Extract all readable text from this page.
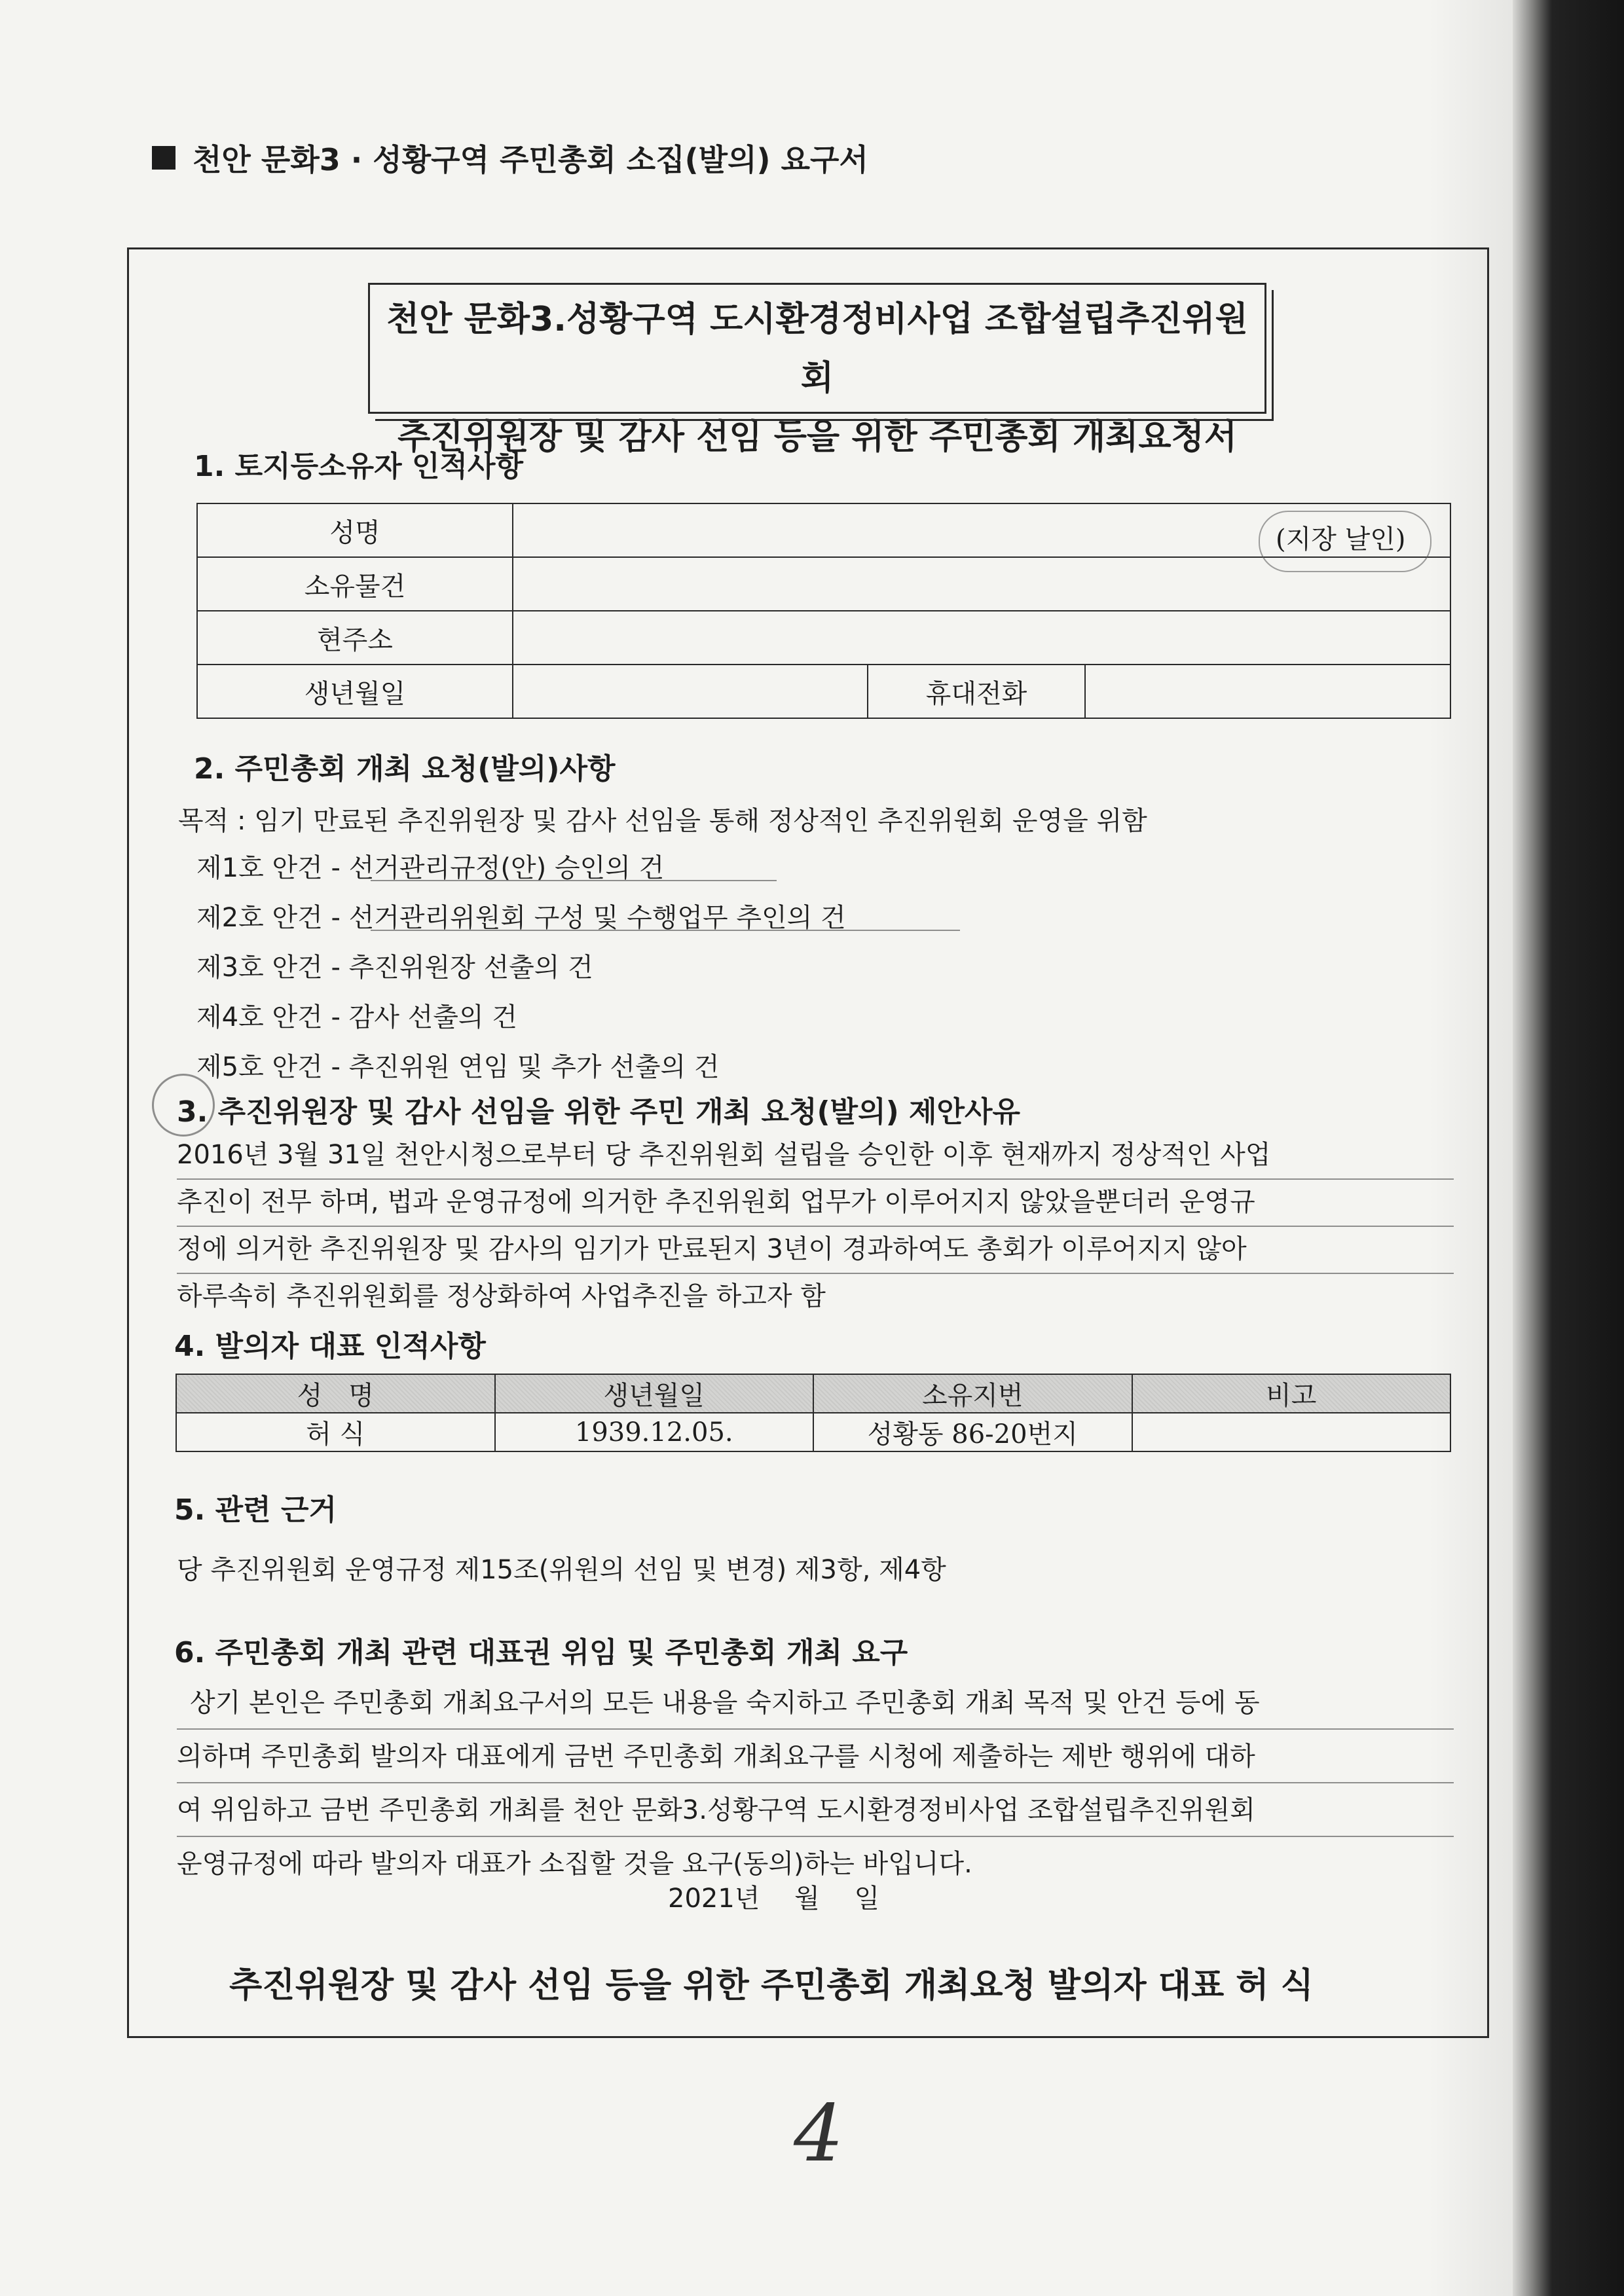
천안 문화3 · 성황구역 주민총회 소집(발의) 요구서
천안 문화3.성황구역 도시환경정비사업 조합설립추진위원회
추진위원장 및 감사 선임 등을 위한 주민총회 개최요청서
1. 토지등소유자 인적사항
성명			
소유물건			
현주소			
생년월일		휴대전화	
(지장 날인)
2. 주민총회 개최 요청(발의)사항
목적 : 임기 만료된 추진위원장 및 감사 선임을 통해 정상적인 추진위원회 운영을 위함
제1호 안건 - 선거관리규정(안) 승인의 건
제2호 안건 - 선거관리위원회 구성 및 수행업무 추인의 건
제3호 안건 - 추진위원장 선출의 건
제4호 안건 - 감사 선출의 건
제5호 안건 - 추진위원 연임 및 추가 선출의 건
3. 추진위원장 및 감사 선임을 위한 주민 개최 요청(발의) 제안사유
2016년 3월 31일 천안시청으로부터 당 추진위원회 설립을 승인한 이후 현재까지 정상적인 사업
추진이 전무 하며, 법과 운영규정에 의거한 추진위원회 업무가 이루어지지 않았을뿐더러 운영규
정에 의거한 추진위원장 및 감사의 임기가 만료된지 3년이 경과하여도 총회가 이루어지지 않아
하루속히 추진위원회를 정상화하여 사업추진을 하고자 함
4. 발의자 대표 인적사항
성　명	생년월일	소유지번	비고
허 식	1939.12.05.	성황동 86-20번지	
5. 관련 근거
당 추진위원회 운영규정 제15조(위원의 선임 및 변경) 제3항, 제4항
6. 주민총회 개최 관련 대표권 위임 및 주민총회 개최 요구
상기 본인은 주민총회 개최요구서의 모든 내용을 숙지하고 주민총회 개최 목적 및 안건 등에 동
의하며 주민총회 발의자 대표에게 금번 주민총회 개최요구를 시청에 제출하는 제반 행위에 대하
여 위임하고 금번 주민총회 개최를 천안 문화3.성황구역 도시환경정비사업 조합설립추진위원회
운영규정에 따라 발의자 대표가 소집할 것을 요구(동의)하는 바입니다.
2021년 월 일
추진위원장 및 감사 선임 등을 위한 주민총회 개최요청 발의자 대표 허 식
4
